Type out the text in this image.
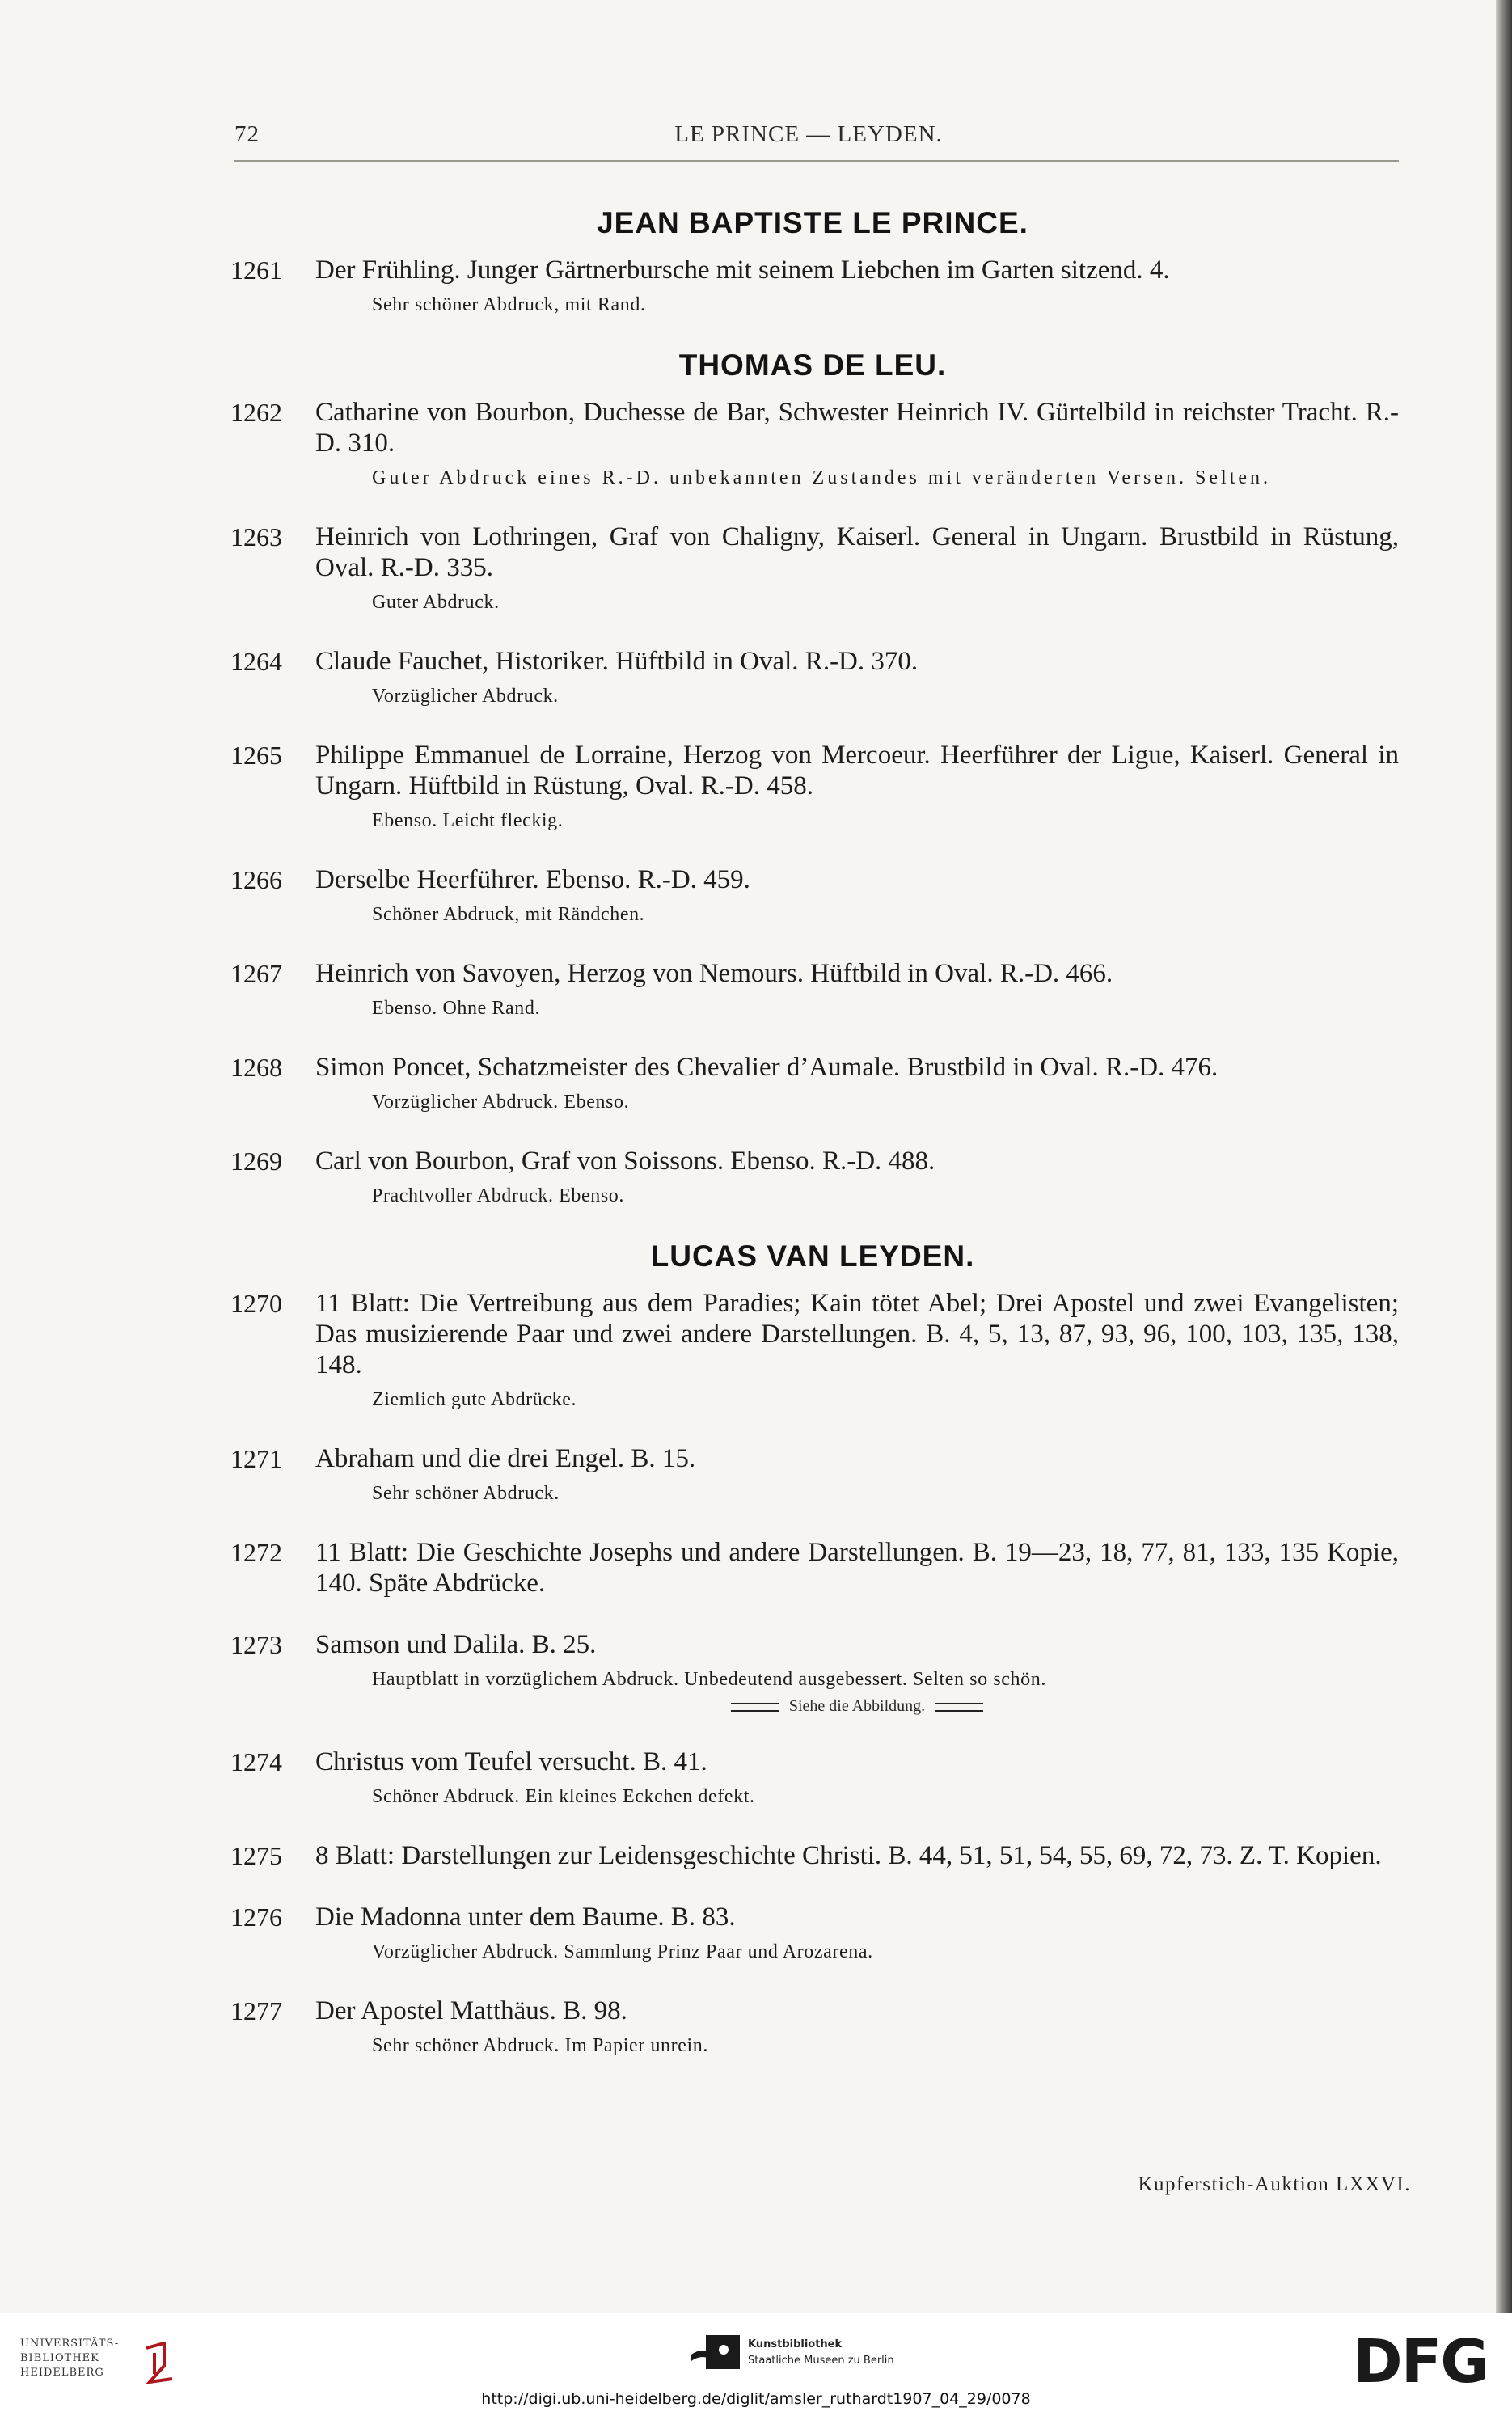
72	LE PRINCE — LEYDEN.
JEAN BAPTISTE LE PRINCE.
1261 Der Frühling. Junger Gärtnerbursche mit seinem Liebchen im Garten sitzend. 4.
Sehr schöner Abdruck, mit Rand.
THOMAS DE LEU.
1262 Catharine von Bourbon, Duchesse de Bar, Schwester Heinrich IV. Gürtelbild in reichster Tracht. R.-D. 310.
Guter Abdruck eines R.-D. unbekannten Zustandes mit veränderten Versen. Selten.
1263 Heinrich von Lothringen, Graf von Chaligny, Kaiserl. General in Ungarn. Brustbild in Rüstung, Oval. R.-D. 335.
Guter Abdruck.
1264 Claude Fauchet, Historiker. Hüftbild in Oval. R.-D. 370.
Vorzüglicher Abdruck.
1265 Philippe Emmanuel de Lorraine, Herzog von Mercoeur. Heerführer der Ligue, Kaiserl. General in Ungarn. Hüftbild in Rüstung, Oval. R.-D. 458.
Ebenso. Leicht fleckig.
1266 Derselbe Heerführer. Ebenso. R.-D. 459.
Schöner Abdruck, mit Rändchen.
1267 Heinrich von Savoyen, Herzog von Nemours. Hüftbild in Oval. R.-D. 466.
Ebenso. Ohne Rand.
1268 Simon Poncet, Schatzmeister des Chevalier d’Aumale. Brustbild in Oval. R.-D. 476.
Vorzüglicher Abdruck. Ebenso.
1269 Carl von Bourbon, Graf von Soissons. Ebenso. R.-D. 488.
Prachtvoller Abdruck. Ebenso.
LUCAS VAN LEYDEN.
1270 11 Blatt: Die Vertreibung aus dem Paradies; Kain tötet Abel; Drei Apostel und zwei Evangelisten; Das musizierende Paar und zwei andere Darstellungen. B. 4, 5, 13, 87, 93, 96, 100, 103, 135, 138, 148.
Ziemlich gute Abdrücke.
1271 Abraham und die drei Engel. B. 15.
Sehr schöner Abdruck.
1272 11 Blatt: Die Geschichte Josephs und andere Darstellungen. B. 19—23, 18, 77, 81, 133, 135 Kopie, 140. Späte Abdrücke.
1273 Samson und Dalila. B. 25.
Hauptblatt in vorzüglichem Abdruck. Unbedeutend ausgebessert. Selten so schön.
Siehe die Abbildung.
1274 Christus vom Teufel versucht. B. 41.
Schöner Abdruck. Ein kleines Eckchen defekt.
1275 8 Blatt: Darstellungen zur Leidensgeschichte Christi. B. 44, 51, 51, 54, 55, 69, 72, 73. Z. T. Kopien.
1276 Die Madonna unter dem Baume. B. 83.
Vorzüglicher Abdruck. Sammlung Prinz Paar und Arozarena.
1277 Der Apostel Matthäus. B. 98.
Sehr schöner Abdruck. Im Papier unrein.
Kupferstich-Auktion LXXVI.
UNIVERSITÄTS-
BIBLIOTHEK
HEIDELBERG
Kunstbibliothek
Staatliche Museen zu Berlin	DFG
http://digi.ub.uni-heidelberg.de/diglit/amsler_ruthardt1907_04_29/0078
